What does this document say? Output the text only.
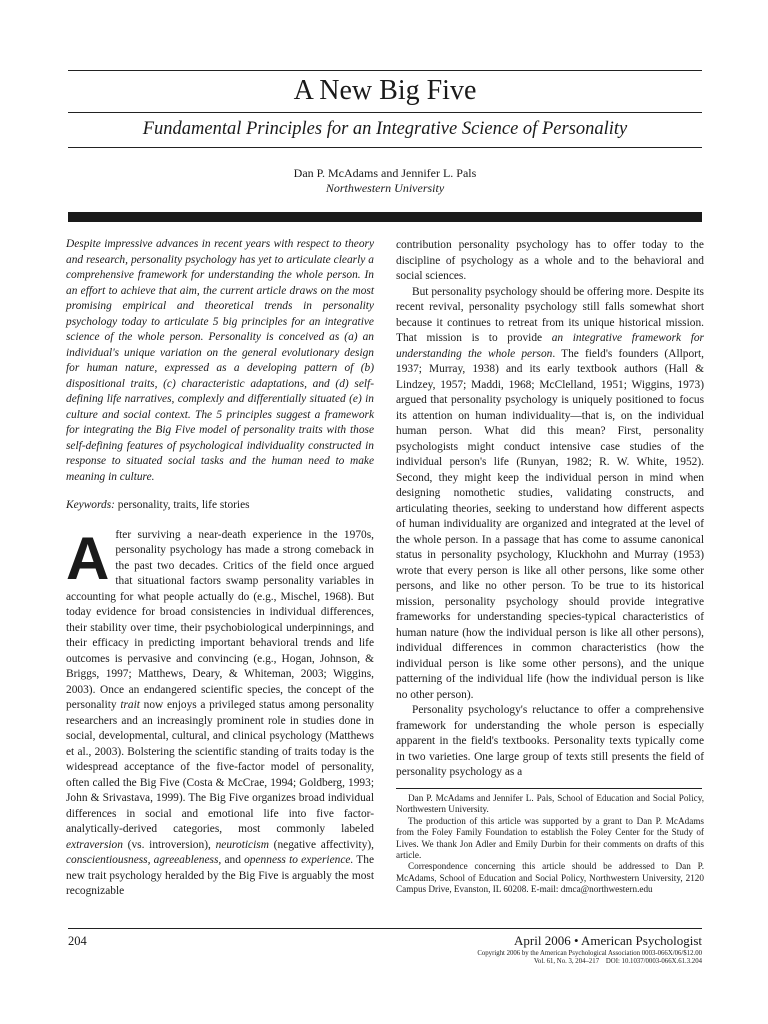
A New Big Five
Fundamental Principles for an Integrative Science of Personality
Dan P. McAdams and Jennifer L. Pals
Northwestern University

Despite impressive advances in recent years with respect to theory and research, personality psychology has yet to articulate clearly a comprehensive framework for understanding the whole person. In an effort to achieve that aim, the current article draws on the most promising empirical and theoretical trends in personality psychology today to articulate 5 big principles for an integrative science of the whole person. Personality is conceived as (a) an individual's unique variation on the general evolutionary design for human nature, expressed as a developing pattern of (b) dispositional traits, (c) characteristic adaptations, and (d) self-defining life narratives, complexly and differentially situated (e) in culture and social context. The 5 principles suggest a framework for integrating the Big Five model of personality traits with those self-defining features of psychological individuality constructed in response to situated social tasks and the human need to make meaning in culture.

Keywords: personality, traits, life stories

After surviving a near-death experience in the 1970s, personality psychology has made a strong comeback in the past two decades. Critics of the field once argued that situational factors swamp personality variables in accounting for what people actually do (e.g., Mischel, 1968). But today evidence for broad consistencies in individual differences, their stability over time, their psychobiological underpinnings, and their efficacy in predicting important behavioral trends and life outcomes is pervasive and convincing (e.g., Hogan, Johnson, & Briggs, 1997; Matthews, Deary, & Whiteman, 2003; Wiggins, 2003). Once an endangered scientific species, the concept of the personality trait now enjoys a privileged status among personality researchers and an increasingly prominent role in studies done in social, developmental, cultural, and clinical psychology (Matthews et al., 2003). Bolstering the scientific standing of traits today is the widespread acceptance of the five-factor model of personality, often called the Big Five (Costa & McCrae, 1994; Goldberg, 1993; John & Srivastava, 1999). The Big Five organizes broad individual differences in social and emotional life into five factor-analytically-derived categories, most commonly labeled extraversion (vs. introversion), neuroticism (negative affectivity), conscientiousness, agreeableness, and openness to experience. The new trait psychology heralded by the Big Five is arguably the most recognizable

contribution personality psychology has to offer today to the discipline of psychology as a whole and to the behavioral and social sciences.

But personality psychology should be offering more. Despite its recent revival, personality psychology still falls somewhat short because it continues to retreat from its unique historical mission. That mission is to provide an integrative framework for understanding the whole person. The field's founders (Allport, 1937; Murray, 1938) and its early textbook authors (Hall & Lindzey, 1957; Maddi, 1968; McClelland, 1951; Wiggins, 1973) argued that personality psychology is uniquely positioned to focus its attention on human individuality—that is, on the individual human person. What did this mean? First, personality psychologists might conduct intensive case studies of the individual person's life (Runyan, 1982; R. W. White, 1952). Second, they might keep the individual person in mind when designing nomothetic studies, validating constructs, and articulating theories, seeking to understand how different aspects of human individuality are organized and integrated at the level of the whole person. In a passage that has come to assume canonical status in personality psychology, Kluckhohn and Murray (1953) wrote that every person is like all other persons, like some other persons, and like no other person. To be true to its historical mission, personality psychology should provide integrative frameworks for understanding species-typical characteristics of human nature (how the individual person is like all other persons), individual differences in common characteristics (how the individual person is like some other persons), and the unique patterning of the individual life (how the individual person is like no other person).

Personality psychology's reluctance to offer a comprehensive framework for understanding the whole person is especially apparent in the field's textbooks. Personality texts typically come in two varieties. One large group of texts still presents the field of personality psychology as a

Dan P. McAdams and Jennifer L. Pals, School of Education and Social Policy, Northwestern University.

The production of this article was supported by a grant to Dan P. McAdams from the Foley Family Foundation to establish the Foley Center for the Study of Lives. We thank Jon Adler and Emily Durbin for their comments on drafts of this article.

Correspondence concerning this article should be addressed to Dan P. McAdams, School of Education and Social Policy, Northwestern University, 2120 Campus Drive, Evanston, IL 60208. E-mail: dmca@northwestern.edu

204	April 2006 • American Psychologist
Copyright 2006 by the American Psychological Association 0003-066X/06/$12.00
Vol. 61, No. 3, 204–217    DOI: 10.1037/0003-066X.61.3.204
